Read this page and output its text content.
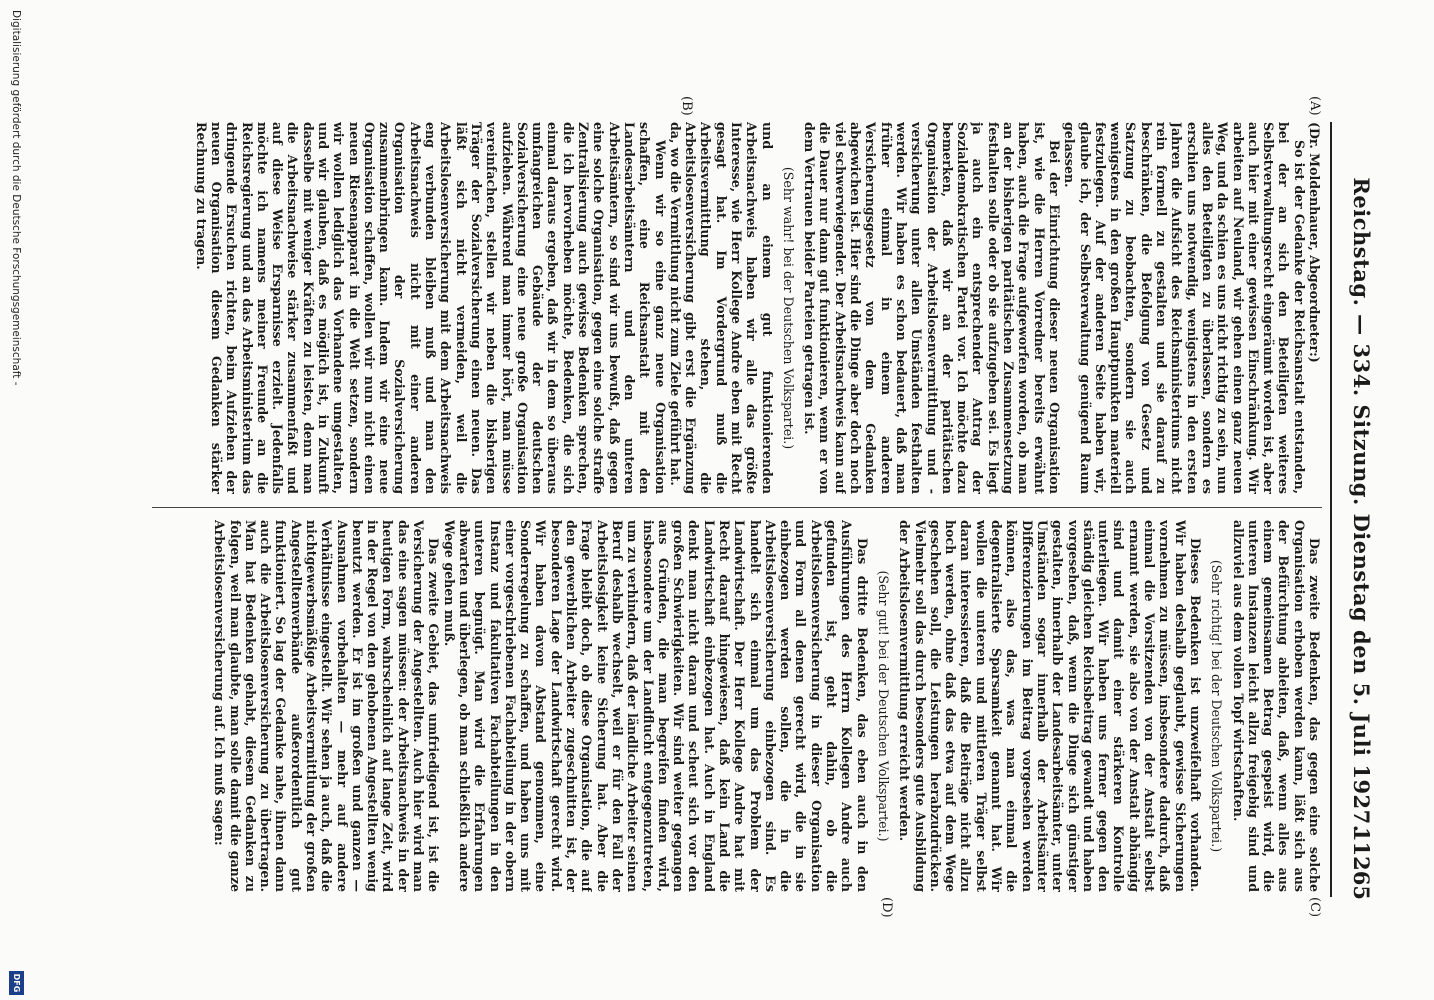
Reichstag. — 334. Sitzung. Dienstag den 5. Juli 1927.
11265
(A)
(B)
(C)
(D)

(Dr. Moldenhauer, Abgeordneter:)

So ist der Gedanke der Reichsanstalt entstanden, bei der an sich den Beteiligten weiteres Selbstverwaltungsrecht eingeräumt worden ist, aber auch hier mit einer gewissen Einschränkung. Wir arbeiten auf Neuland, wir gehen einen ganz neuen Weg, und da schien es uns nicht richtig zu sein, nun alles den Beteiligten zu überlassen, sondern es erschien uns notwendig, wenigstens in den ersten Jahren die Aufsicht des Reichsministeriums nicht rein formell zu gestalten und sie darauf zu beschränken, die Befolgung von Gesetz und Satzung zu beobachten, sondern sie auch wenigstens in den großen Hauptpunkten materiell festzulegen. Auf der anderen Seite haben wir, glaube ich, der Selbstverwaltung genügend Raum gelassen.

Bei der Einrichtung dieser neuen Organisation ist, wie die Herren Vorredner bereits erwähnt haben, auch die Frage aufgeworfen worden, ob man an der bisherigen paritätischen Zusammensetzung festhalten solle oder ob sie aufzugeben sei. Es liegt ja auch ein entsprechender Antrag der Sozialdemokratischen Partei vor. Ich möchte dazu bemerken, daß wir an der paritätischen Organisation der Arbeitslosenvermittlung und -versicherung unter allen Umständen festhalten werden. Wir haben es schon bedauert, daß man früher einmal in einem anderen Versicherungsgesetz von dem Gedanken abgewichen ist. Hier sind die Dinge aber doch noch viel schwerwiegender. Der Arbeitsnachweis kann auf die Dauer nur dann gut funktionieren, wenn er von dem Vertrauen beider Parteien getragen ist.

(Sehr wahr! bei der Deutschen Volkspartei.)

und an einem gut funktionierenden Arbeitsnachweis haben wir alle das größte Interesse, wie Herr Kollege Andre eben mit Recht gesagt hat. Im Vordergrund muß die Arbeitsvermittlung stehen, die Arbeitslosenversicherung gibt erst die Ergänzung da, wo die Vermittlung nicht zum Ziele geführt hat.

Wenn wir so eine ganz neue Organisation schaffen, eine Reichsanstalt mit den Landesarbeitsämtern und den unteren Arbeitsämtern, so sind wir uns bewußt, daß gegen eine solche Organisation, gegen eine solche straffe Zentralisierung auch gewisse Bedenken sprechen, die ich hervorheben möchte, Bedenken, die sich einmal daraus ergeben, daß wir in dem so überaus umfangreichen Gebäude der deutschen Sozialversicherung eine neue große Organisation aufziehen. Während man immer hört, man müsse vereinfachen, stellen wir neben die bisherigen Träger der Sozialversicherung einen neuen. Das läßt sich nicht vermeiden, weil die Arbeitslosenversicherung mit dem Arbeitsnachweis eng verbunden bleiben muß und man den Arbeitsnachweis nicht mit einer anderen Organisation der Sozialversicherung zusammenbringen kann. Indem wir eine neue Organisation schaffen, wollen wir nun nicht einen neuen Riesenapparat in die Welt setzen, sondern wir wollen lediglich das Vorhandene umgestalten, und wir glauben, daß es möglich ist, in Zukunft dasselbe mit weniger Kräften zu leisten, denn man die Arbeitsnachweise stärker zusammenfaßt und auf diese Weise Ersparnisse erzielt. Jedenfalls möchte ich namens meiner Freunde an die Reichsregierung und an das Arbeitsministerium das dringende Ersuchen richten, beim Aufziehen der neuen Organisation diesem Gedanken stärker Rechnung zu tragen.

Das zweite Bedenken, das gegen eine solche Organisation erhoben werden kann, läßt sich aus der Befürchtung ableiten, daß, wenn alles aus einem gemeinsamen Betrag gespeist wird, die unteren Instanzen leicht allzu freigebig sind und allzuviel aus dem vollen Topf wirtschaften.

(Sehr richtig! bei der Deutschen Volkspartei.)

Dieses Bedenken ist unzweifelhaft vorhanden. Wir haben deshalb geglaubt, gewisse Sicherungen vornehmen zu müssen, insbesondere dadurch, daß einmal die Vorsitzenden von der Anstalt selbst ernannt werden, sie also von der Anstalt abhängig sind und damit einer stärkeren Kontrolle unterliegen. Wir haben uns ferner gegen den ständig gleichen Reichsbeitrag gewandt und haben vorgesehen, daß, wenn die Dinge sich günstiger gestalten, innerhalb der Landesarbeitsämter, unter Umständen sogar innerhalb der Arbeitsämter Differenzierungen im Beitrag vorgesehen werden können, also das, was man einmal die degentralisierte Sparsamkeit genannt hat. Wir wollen die unteren und mittleren Träger selbst daran interessieren, daß die Beiträge nicht allzu hoch werden, ohne daß das etwa auf dem Wege geschehen soll, die Leistungen herabzudrücken. Vielmehr soll das durch besonders gute Ausbildung der Arbeitslosenvermittlung erreicht werden.

(Sehr gut! bei der Deutschen Volkspartei.)

Das dritte Bedenken, das eben auch in den Ausführungen des Herrn Kollegen Andre auch gefunden ist, geht dahin, ob die Arbeitslosenversicherung in dieser Organisation und Form all denen gerecht wird, die in sie einbezogen werden sollen, die in die Arbeitslosenversicherung einbezogen sind. Es handelt sich einmal um das Problem der Landwirtschaft. Der Herr Kollege Andre hat mit Recht darauf hingewiesen, daß kein Land die Landwirtschaft einbezogen hat. Auch in England denkt man nicht daran und scheut sich vor den großen Schwierigkeiten. Wir sind weiter gegangen aus Gründen, die man begreifen finden wird, insbesondere um der Landflucht entgegenzutreten, um zu verhindern, daß der ländliche Arbeiter seinen Beruf deshalb wechselt, weil er für den Fall der Arbeitslosigkeit keine Sicherung hat. Aber die Frage bleibt doch, ob diese Organisation, die auf den gewerblichen Arbeiter zugeschnitten ist, der besonderen Lage der Landwirtschaft gerecht wird. Wir haben davon Abstand genommen, eine Sonderregelung zu schaffen, und haben uns mit einer vorgeschriebenen Fachabteilung in der obern Instanz und fakultativen Fachabteilungen in den unteren begnügt. Man wird die Erfahrungen abwarten und überlegen, ob man schließlich andere Wege gehen muß.

Das zweite Gebiet, das umfriedigend ist, ist die Versicherung der Angestellten. Auch hier wird man das eine sagen müssen: der Arbeitsnachweis in der heutigen Form, wahrscheinlich auf lange Zeit, wird in der Regel von den gehobenen Angestellten wenig benutzt werden. Er ist im großen und ganzen — Ausnahmen vorbehalten — mehr auf andere Verhältnisse eingestellt. Wir sehen ja auch, daß die nichtgewerbsmäßige Arbeitsvermittlung der großen Angestelltenverbände außerordentlich gut funktioniert. So lag der Gedanke nahe, ihnen dann auch die Arbeitslosenversicherung zu übertragen. Man hat Bedenken gehabt, diesem Gedanken zu folgen, weil man glaubte, man solle damit die ganze Arbeitslosenversicherung auf. Ich muß sagen:

Digitalisierung gefördert durch die Deutsche Forschungsgemeinschaft -
DFG
